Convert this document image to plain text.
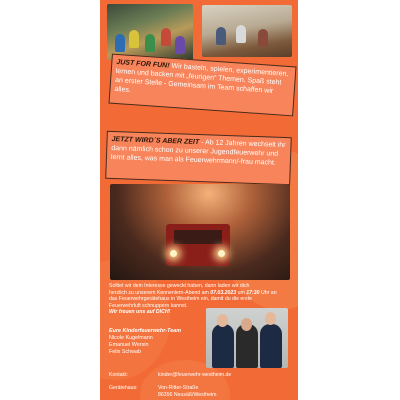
JUST FOR FUN! Wir basteln, spielen, experimentieren, lernen und backen mit „feurigen“ Themen. Spaß steht an erster Stelle - Gemeinsam im Team schaffen wir alles.
JETZT WIRD´S ABER ZEIT - Ab 12 Jahren wechselt ihr dann nämlich schon zu unserer Jugendfeuerwehr und lernt alles, was man als Feuerwehrmann/-frau macht.
Solltet wir dein Interesse geweckt haben, dann laden wir dich
herzlich zu unserem Kennenlern-Abend am 07.03.2023 um 17:30 Uhr an
das Feuerwehrgerätehaus in Westheim ein, damit du die erste
Feuerwehrluft schnuppern kannst.
Wir freuen uns auf DICH!
Eure Kinderfeuerwehr-Team
Nicole Kugelmann
Emanuel Wersin
Felix Schwab
Kontakt:	kinder@feuerwehr-westheim.de
Gerätehaus:	Von-Ritter-Straße
86356 Neusäß/Westheim
